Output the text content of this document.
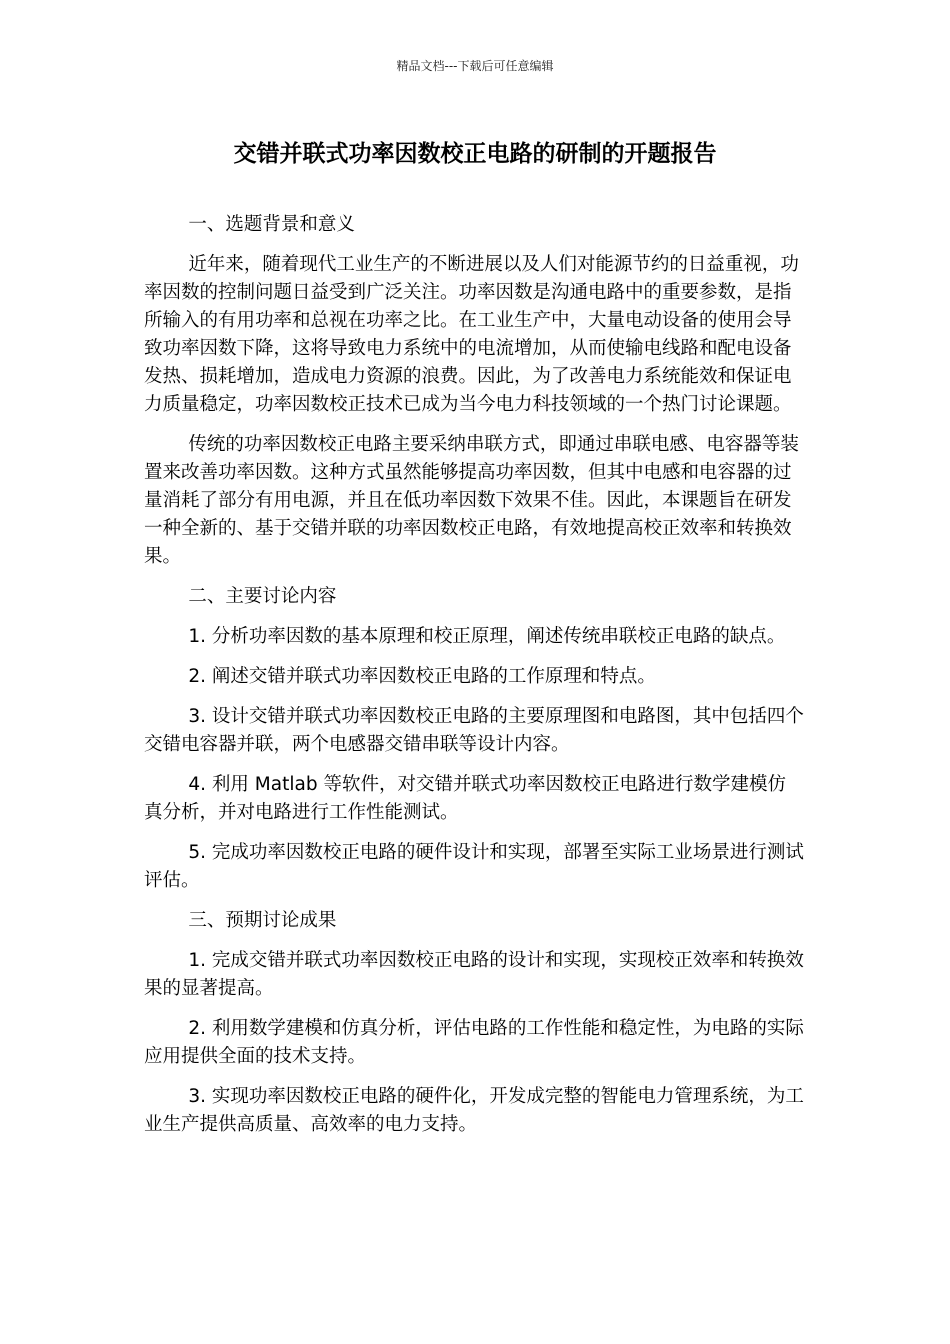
精品文档---下载后可任意编辑
交错并联式功率因数校正电路的研制的开题报告

一、选题背景和意义

近年来，随着现代工业生产的不断进展以及人们对能源节约的日益重视，功率因数的控制问题日益受到广泛关注。功率因数是沟通电路中的重要参数，是指所输入的有用功率和总视在功率之比。在工业生产中，大量电动设备的使用会导致功率因数下降，这将导致电力系统中的电流增加，从而使输电线路和配电设备发热、损耗增加，造成电力资源的浪费。因此，为了改善电力系统能效和保证电力质量稳定，功率因数校正技术已成为当今电力科技领域的一个热门讨论课题。

传统的功率因数校正电路主要采纳串联方式，即通过串联电感、电容器等装置来改善功率因数。这种方式虽然能够提高功率因数，但其中电感和电容器的过量消耗了部分有用电源，并且在低功率因数下效果不佳。因此，本课题旨在研发一种全新的、基于交错并联的功率因数校正电路，有效地提高校正效率和转换效果。

二、主要讨论内容

1. 分析功率因数的基本原理和校正原理，阐述传统串联校正电路的缺点。

2. 阐述交错并联式功率因数校正电路的工作原理和特点。

3. 设计交错并联式功率因数校正电路的主要原理图和电路图，其中包括四个交错电容器并联，两个电感器交错串联等设计内容。

4. 利用 Matlab 等软件，对交错并联式功率因数校正电路进行数学建模仿真分析，并对电路进行工作性能测试。

5. 完成功率因数校正电路的硬件设计和实现，部署至实际工业场景进行测试评估。

三、预期讨论成果

1. 完成交错并联式功率因数校正电路的设计和实现，实现校正效率和转换效果的显著提高。

2. 利用数学建模和仿真分析，评估电路的工作性能和稳定性，为电路的实际应用提供全面的技术支持。

3. 实现功率因数校正电路的硬件化，开发成完整的智能电力管理系统，为工业生产提供高质量、高效率的电力支持。
